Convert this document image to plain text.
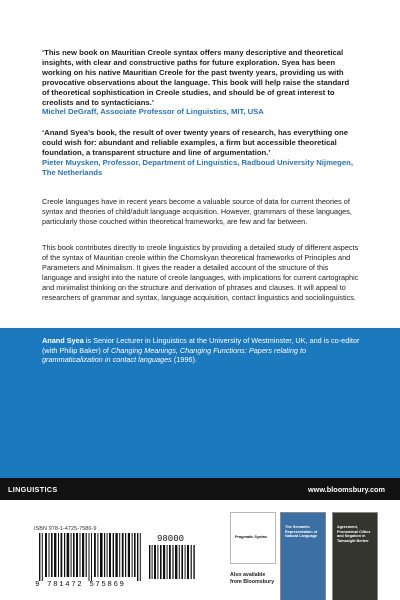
‘This new book on Mauritian Creole syntax offers many descriptive and theoretical insights, with clear and constructive paths for future exploration. Syea has been working on his native Mauritian Creole for the past twenty years, providing us with provocative observations about the language. This book will help raise the standard of theoretical sophistication in Creole studies, and should be of great interest to creolists and to syntacticians.’
Michel DeGraff, Associate Professor of Linguistics, MIT, USA
‘Anand Syea’s book, the result of over twenty years of research, has everything one could wish for: abundant and reliable examples, a firm but accessible theoretical foundation, a transparent structure and line of argumentation.’
Pieter Muysken, Professor, Department of Linguistics, Radboud University Nijmegen, The Netherlands
Creole languages have in recent years become a valuable source of data for current theories of syntax and theories of child/adult language acquisition. However, grammars of these languages, particularly those couched within theoretical frameworks, are few and far between.
This book contributes directly to creole linguistics by providing a detailed study of different aspects of the syntax of Mauritian creole within the Chomskyan theoretical frameworks of Principles and Parameters and Minimalism. It gives the reader a detailed account of the structure of this language and insight into the nature of creole languages, with implications for current cartographic and minimalist thinking on the structure and derivation of phrases and clauses. It will appeal to researchers of grammar and syntax, language acquisition, contact linguistics and sociolinguistics.
Anand Syea is Senior Lecturer in Linguistics at the University of Westminster, UK, and is co-editor (with Philip Baker) of Changing Meanings, Changing Functions: Papers relating to grammaticalization in contact languages (1996).
LINGUISTICS	www.bloomsbury.com
ISBN 978-1-4725-7586-9
98000
9 781472 575869
Also available
from Bloomsbury
Pragmatic Syntax
The Semantic Representation of Natural Language
Agreement, Pronominal Clitics and Negation in Tamazight Berber
